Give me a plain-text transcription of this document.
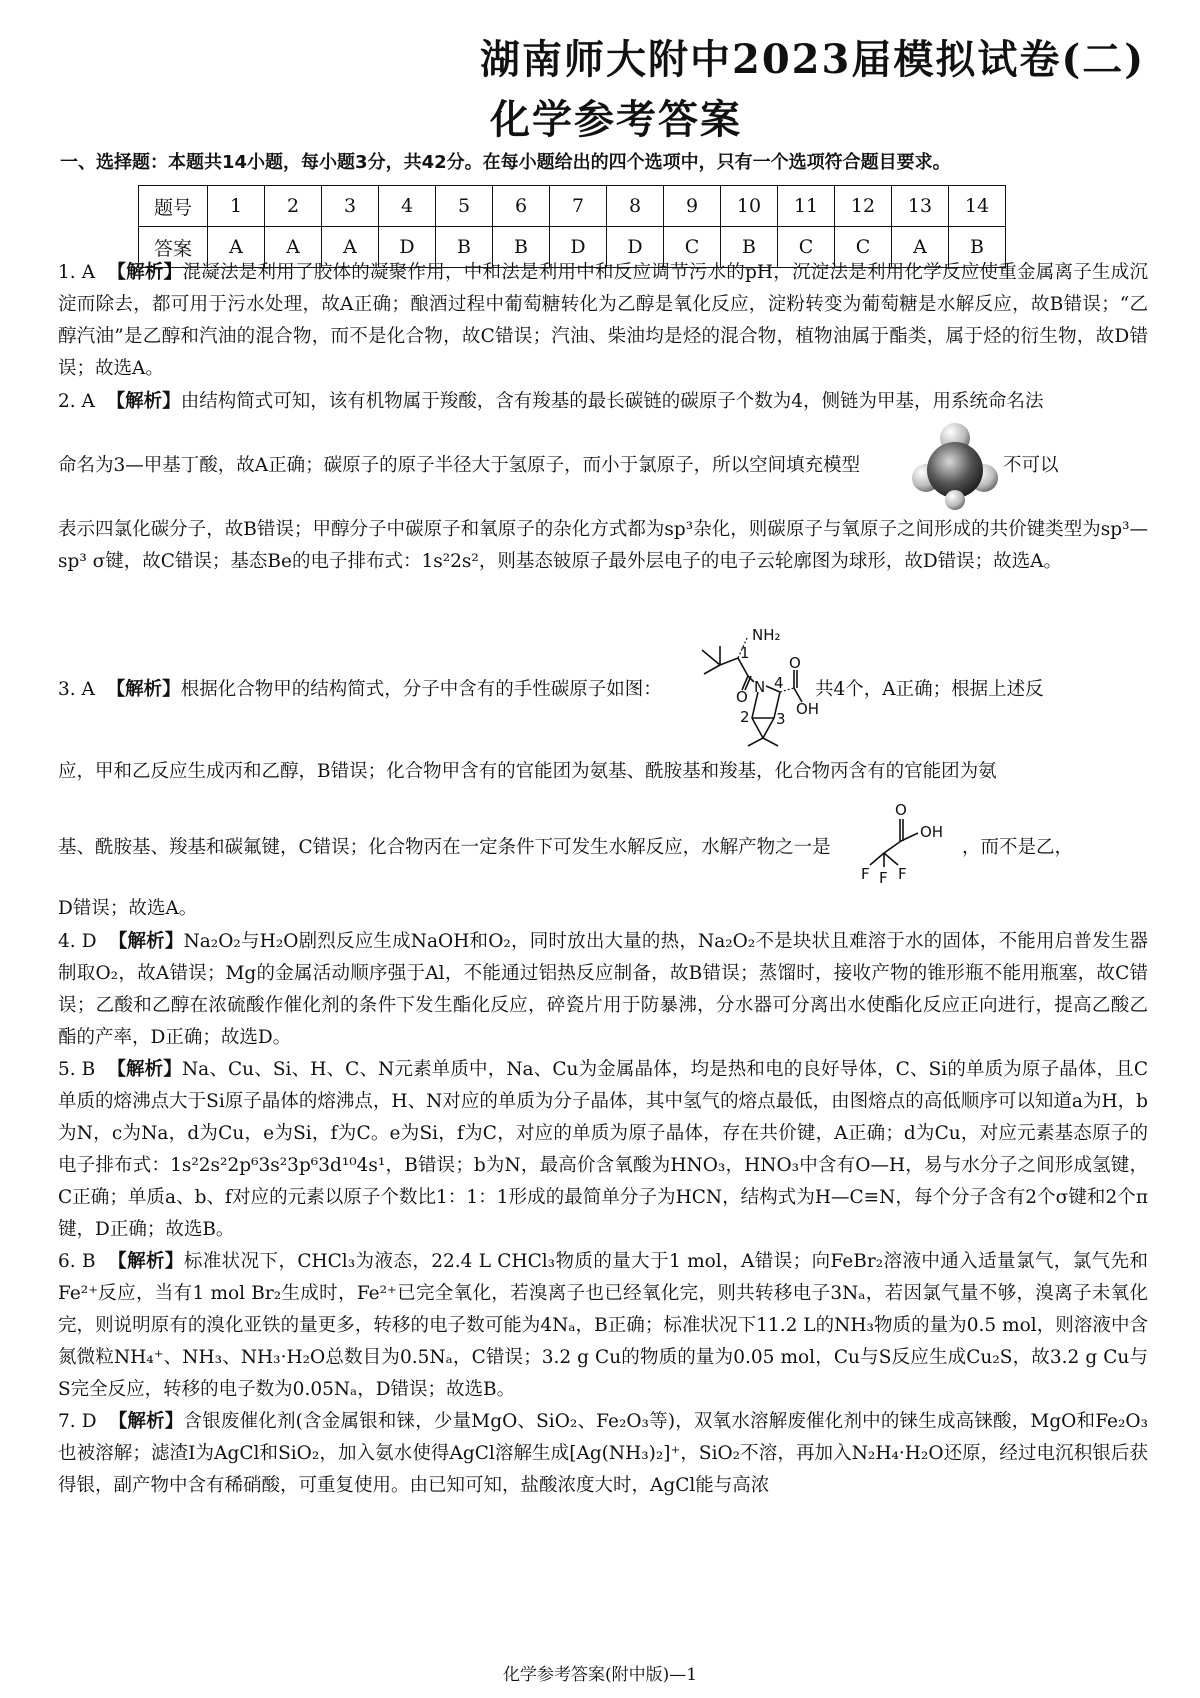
湖南师大附中2023届模拟试卷(二)
化学参考答案
一、选择题：本题共14小题，每小题3分，共42分。在每小题给出的四个选项中，只有一个选项符合题目要求。
题号	1	2	3	4	5	6	7	8	9	10	11	12	13	14
答案	A	A	A	D	B	B	D	D	C	B	C	C	A	B

1. A 【解析】混凝法是利用了胶体的凝聚作用，中和法是利用中和反应调节污水的pH，沉淀法是利用化学反应使重金属离子生成沉淀而除去，都可用于污水处理，故A正确；酿酒过程中葡萄糖转化为乙醇是氧化反应，淀粉转变为葡萄糖是水解反应，故B错误；“乙醇汽油”是乙醇和汽油的混合物，而不是化合物，故C错误；汽油、柴油均是烃的混合物，植物油属于酯类，属于烃的衍生物，故D错误；故选A。

2. A 【解析】由结构简式可知，该有机物属于羧酸，含有羧基的最长碳链的碳原子个数为4，侧链为甲基，用系统命名法

命名为3—甲基丁酸，故A正确；碳原子的原子半径大于氢原子，而小于氯原子，所以空间填充模型	不可以

表示四氯化碳分子，故B错误；甲醇分子中碳原子和氧原子的杂化方式都为sp³杂化，则碳原子与氧原子之间形成的共价键类型为sp³—sp³ σ键，故C错误；基态Be的电子排布式：1s²2s²，则基态铍原子最外层电子的电子云轮廓图为球形，故D错误；故选A。

3. A 【解析】根据化合物甲的结构简式，分子中含有的手性碳原子如图：

1
NH₂
O
N 4
O
OH
2 3

共4个，A正确；根据上述反

应，甲和乙反应生成丙和乙醇，B错误；化合物甲含有的官能团为氨基、酰胺基和羧基，化合物丙含有的官能团为氨

基、酰胺基、羧基和碳氟键，C错误；化合物丙在一定条件下可发生水解反应，水解产物之一是

O
OH
F F F

，而不是乙，

D错误；故选A。

4. D 【解析】Na₂O₂与H₂O剧烈反应生成NaOH和O₂，同时放出大量的热，Na₂O₂不是块状且难溶于水的固体，不能用启普发生器制取O₂，故A错误；Mg的金属活动顺序强于Al，不能通过铝热反应制备，故B错误；蒸馏时，接收产物的锥形瓶不能用瓶塞，故C错误；乙酸和乙醇在浓硫酸作催化剂的条件下发生酯化反应，碎瓷片用于防暴沸，分水器可分离出水使酯化反应正向进行，提高乙酸乙酯的产率，D正确；故选D。

5. B 【解析】Na、Cu、Si、H、C、N元素单质中，Na、Cu为金属晶体，均是热和电的良好导体，C、Si的单质为原子晶体，且C单质的熔沸点大于Si原子晶体的熔沸点，H、N对应的单质为分子晶体，其中氢气的熔点最低，由图熔点的高低顺序可以知道a为H，b为N，c为Na，d为Cu，e为Si，f为C。e为Si，f为C，对应的单质为原子晶体，存在共价键，A正确；d为Cu，对应元素基态原子的电子排布式：1s²2s²2p⁶3s²3p⁶3d¹⁰4s¹，B错误；b为N，最高价含氧酸为HNO₃，HNO₃中含有O—H，易与水分子之间形成氢键，C正确；单质a、b、f对应的元素以原子个数比1：1：1形成的最简单分子为HCN，结构式为H—C≡N，每个分子含有2个σ键和2个π键，D正确；故选B。

6. B 【解析】标准状况下，CHCl₃为液态，22.4 L CHCl₃物质的量大于1 mol，A错误；向FeBr₂溶液中通入适量氯气，氯气先和Fe²⁺反应，当有1 mol Br₂生成时，Fe²⁺已完全氧化，若溴离子也已经氧化完，则共转移电子3Nₐ，若因氯气量不够，溴离子未氧化完，则说明原有的溴化亚铁的量更多，转移的电子数可能为4Nₐ，B正确；标准状况下11.2 L的NH₃物质的量为0.5 mol，则溶液中含氮微粒NH₄⁺、NH₃、NH₃·H₂O总数目为0.5Nₐ，C错误；3.2 g Cu的物质的量为0.05 mol，Cu与S反应生成Cu₂S，故3.2 g Cu与S完全反应，转移的电子数为0.05Nₐ，D错误；故选B。

7. D 【解析】含银废催化剂(含金属银和铼，少量MgO、SiO₂、Fe₂O₃等)，双氧水溶解废催化剂中的铼生成高铼酸，MgO和Fe₂O₃也被溶解；滤渣Ⅰ为AgCl和SiO₂，加入氨水使得AgCl溶解生成[Ag(NH₃)₂]⁺，SiO₂不溶，再加入N₂H₄·H₂O还原，经过电沉积银后获得银，副产物中含有稀硝酸，可重复使用。由已知可知，盐酸浓度大时，AgCl能与高浓

化学参考答案(附中版)—1
